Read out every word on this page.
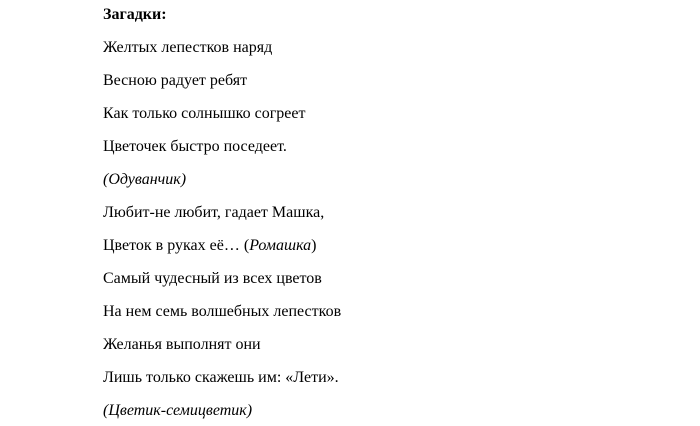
Загадки:
Желтых лепестков наряд
Весною радует ребят
Как только солнышко согреет
Цветочек быстро поседеет.
(Одуванчик)
Любит-не любит, гадает Машка,
Цветок в руках её… (Ромашка)
Самый чудесный из всех цветов
На нем семь волшебных лепестков
Желанья выполнят они
Лишь только скажешь им: «Лети».
(Цветик-семицветик)
